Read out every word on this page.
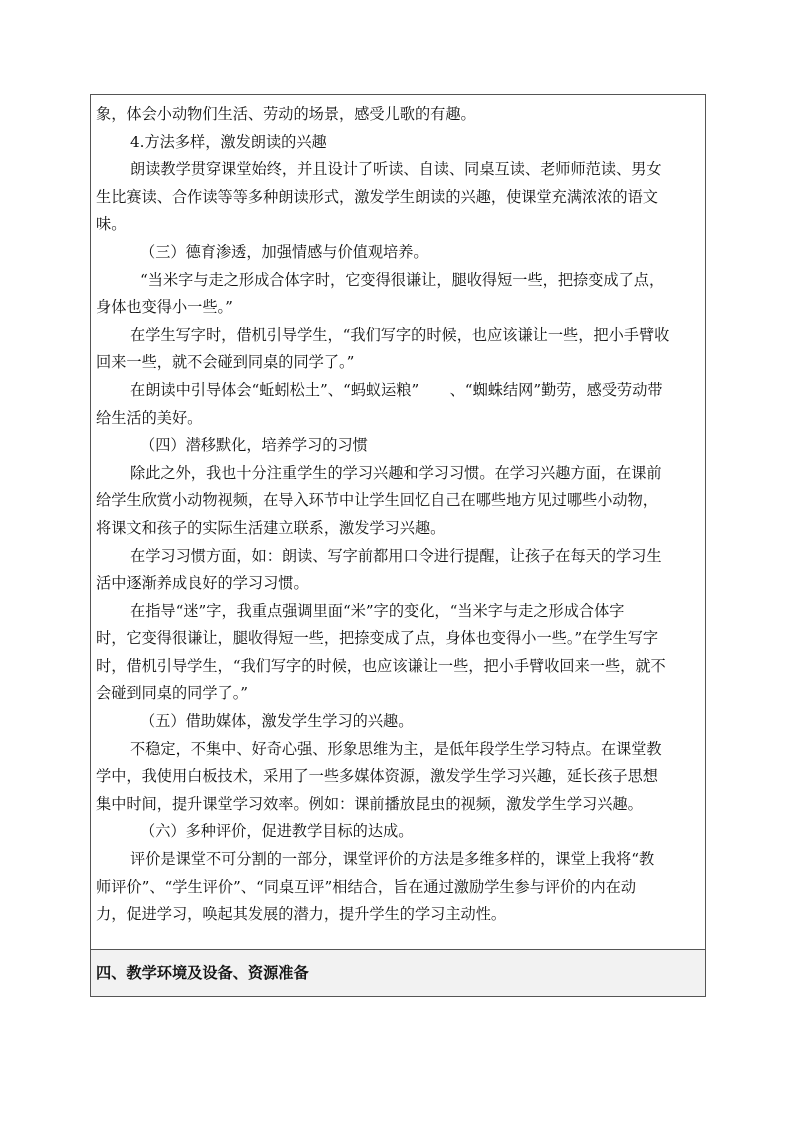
象，体会小动物们生活、劳动的场景，感受儿歌的有趣。
4.方法多样，激发朗读的兴趣
朗读教学贯穿课堂始终，并且设计了听读、自读、同桌互读、老师师范读、男女
生比赛读、合作读等等多种朗读形式，激发学生朗读的兴趣，使课堂充满浓浓的语文
味。
（三）德育渗透，加强情感与价值观培养。
“当米字与走之形成合体字时，它变得很谦让，腿收得短一些，把捺变成了点，
身体也变得小一些。”
在学生写字时，借机引导学生，“我们写字的时候，也应该谦让一些，把小手臂收
回来一些，就不会碰到同桌的同学了。”
在朗读中引导体会“蚯蚓松土”、“蚂蚁运粮”　　、“蜘蛛结网”勤劳，感受劳动带
给生活的美好。
（四）潜移默化，培养学习的习惯
除此之外，我也十分注重学生的学习兴趣和学习习惯。在学习兴趣方面，在课前
给学生欣赏小动物视频，在导入环节中让学生回忆自己在哪些地方见过哪些小动物，
将课文和孩子的实际生活建立联系，激发学习兴趣。
在学习习惯方面，如：朗读、写字前都用口令进行提醒，让孩子在每天的学习生
活中逐渐养成良好的学习习惯。
在指导“迷”字，我重点强调里面“米”字的变化，“当米字与走之形成合体字
时，它变得很谦让，腿收得短一些，把捺变成了点，身体也变得小一些。”在学生写字
时，借机引导学生，“我们写字的时候，也应该谦让一些，把小手臂收回来一些，就不
会碰到同桌的同学了。”
（五）借助媒体，激发学生学习的兴趣。
不稳定，不集中、好奇心强、形象思维为主，是低年段学生学习特点。在课堂教
学中，我使用白板技术，采用了一些多媒体资源，激发学生学习兴趣，延长孩子思想
集中时间，提升课堂学习效率。例如：课前播放昆虫的视频，激发学生学习兴趣。
（六）多种评价，促进教学目标的达成。
评价是课堂不可分割的一部分，课堂评价的方法是多维多样的，课堂上我将“教
师评价”、“学生评价”、“同桌互评”相结合，旨在通过激励学生参与评价的内在动
力，促进学习，唤起其发展的潜力，提升学生的学习主动性。
四、教学环境及设备、资源准备
